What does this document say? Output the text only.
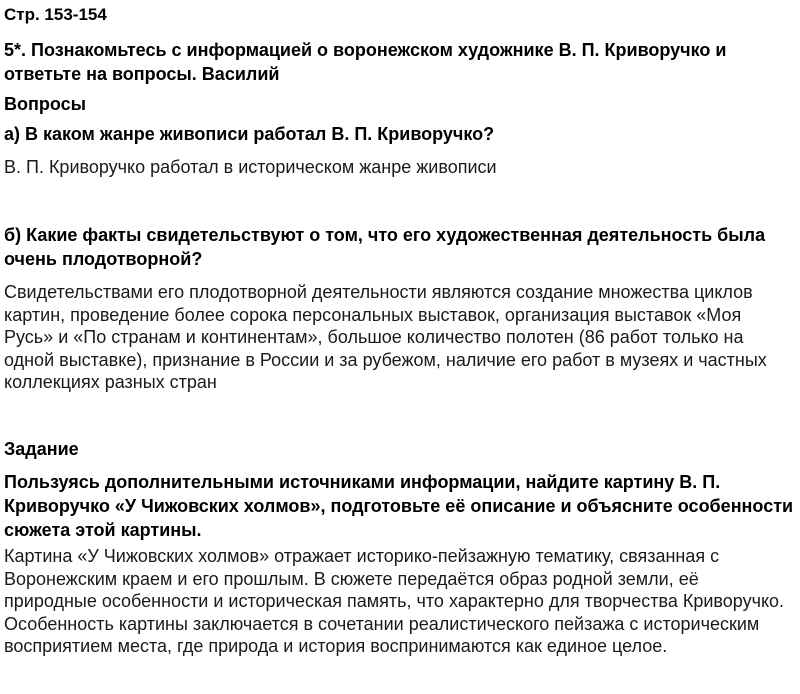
Стр. 153-154

5*. Познакомьтесь с информацией о воронежском художнике В. П. Криворучко и ответьте на вопросы. Василий

Вопросы

а) В каком жанре живописи работал В. П. Криворучко?

В. П. Криворучко работал в историческом жанре живописи

б) Какие факты свидетельствуют о том, что его художественная деятельность была очень плодотворной?

Свидетельствами его плодотворной деятельности являются создание множества циклов картин, проведение более сорока персональных выставок, организация выставок «Моя Русь» и «По странам и континентам», большое количество полотен (86 работ только на одной выставке), признание в России и за рубежом, наличие его работ в музеях и частных коллекциях разных стран

Задание

Пользуясь дополнительными источниками информации, найдите картину В. П. Криворучко «У Чижовских холмов», подготовьте её описание и объясните особенности сюжета этой картины.

Картина «У Чижовских холмов» отражает историко-пейзажную тематику, связанная с Воронежским краем и его прошлым. В сюжете передаётся образ родной земли, её природные особенности и историческая память, что характерно для творчества Криворучко. Особенность картины заключается в сочетании реалистического пейзажа с историческим восприятием места, где природа и история воспринимаются как единое целое.
